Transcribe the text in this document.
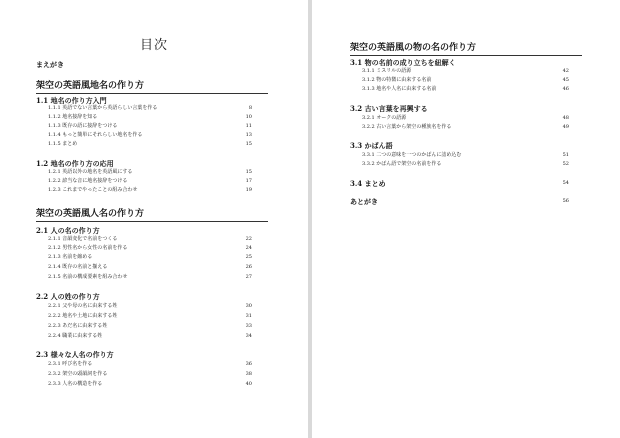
目次
まえがき
架空の英語風地名の作り方
1.1 地名の作り方入門
1.1.1 英語でない言葉から英語らしい言葉を作る	8
1.1.2 地名接辞を知る	10
1.1.3 既存の語に接辞をつける	11
1.1.4 もっと簡単にそれらしい地名を作る	13
1.1.5 まとめ	15
1.2 地名の作り方の応用
1.2.1 英語以外の地名を英語風にする	15
1.2.2 諺当な音に地名接辞をつける	17
1.2.3 これまでやったことの組み合わせ	19
架空の英語風人名の作り方
2.1 人の名の作り方
2.1.1 音韻変化で名前をつくる	22
2.1.2 男性名から女性の名前を作る	24
2.1.3 名前を縮める	25
2.1.4 既存の名前と揃える	26
2.1.5 名前の構成要素を組み合わせ	27
2.2 人の姓の作り方
2.2.1 父や母の名に由来する姓	30
2.2.2 地名や土地に由来する姓	31
2.2.3 あだ名に由来する姓	33
2.2.4 職業に由来する姓	34
2.3 様々な人名の作り方
2.3.1 呼び名を作る	36
2.3.2 架空の頭韻詞を作る	38
2.3.3 人名の構造を作る	40
架空の英語風の物の名の作り方
3.1 物の名前の成り立ちを紐解く
3.1.1 ミスリルの語源	42
3.1.2 物の特徴に由来する名前	45
3.1.3 地名や人名に由来する名前	46
3.2 古い言葉を再興する
3.2.1 オークの語源	48
3.2.2 古い言葉から架空の種族名を作る	49
3.3 かばん語
3.3.1 二つの意味を一つのかばんに詰め込む	51
3.3.2 かばん語で架空の名前を作る	52
3.4 まとめ	54
あとがき	56
